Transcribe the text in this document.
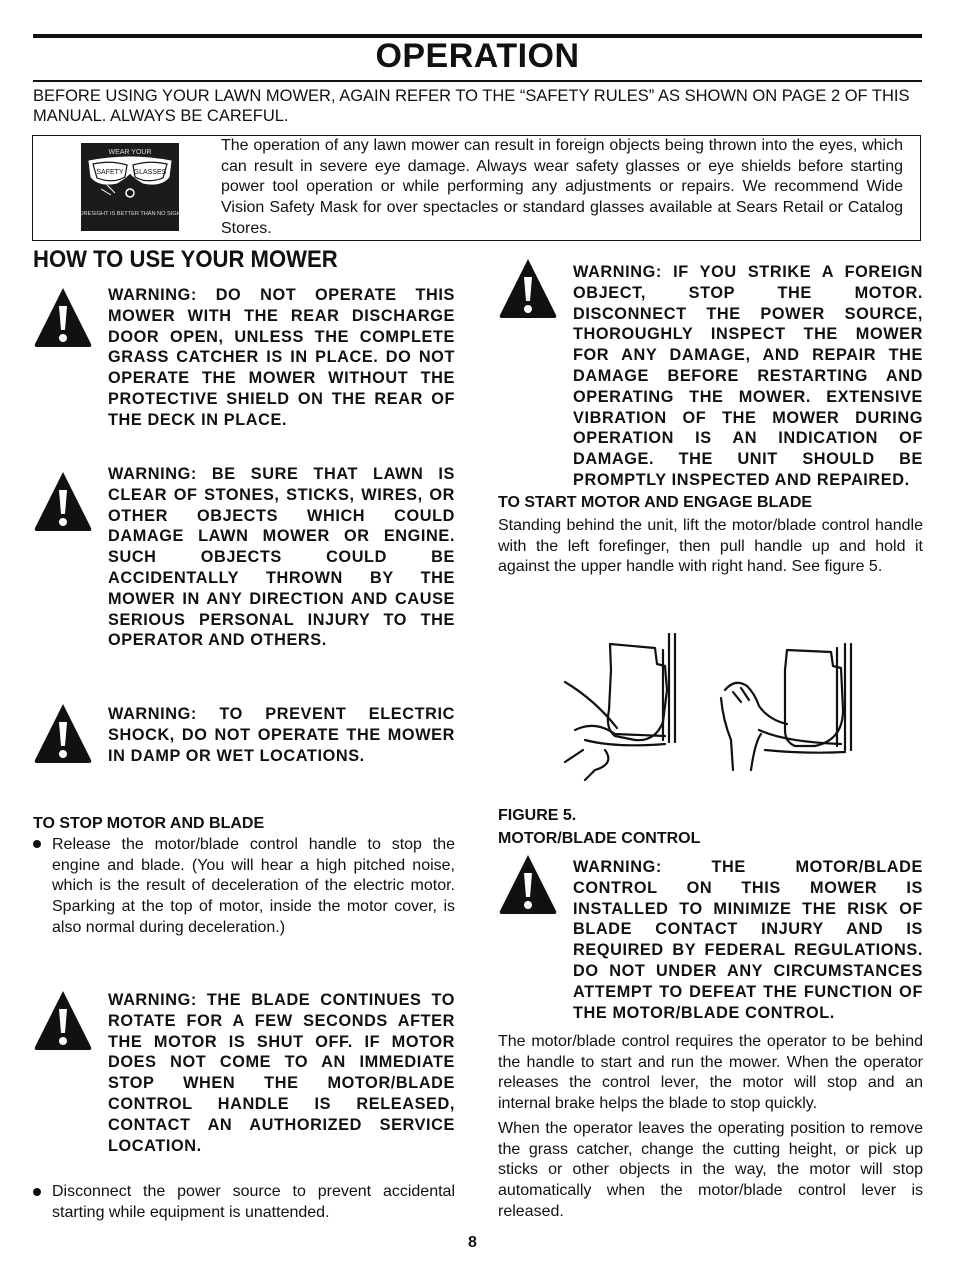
OPERATION
BEFORE USING YOUR LAWN MOWER, AGAIN REFER TO THE “SAFETY RULES” AS SHOWN ON PAGE 2 OF THIS MANUAL. ALWAYS BE CAREFUL.
WEAR YOUR
SAFETY GLASSES
FORESIGHT IS BETTER THAN NO SIGHT
The operation of any lawn mower can result in foreign objects being thrown into the eyes, which can result in severe eye damage. Always wear safety glasses or eye shields before starting power tool operation or while performing any adjustments or repairs. We recommend Wide Vision Safety Mask for over spectacles or standard glasses available at Sears Retail or Catalog Stores.
HOW TO USE YOUR MOWER
WARNING: DO NOT OPERATE THIS MOWER WITH THE REAR DISCHARGE DOOR OPEN, UNLESS THE COMPLETE GRASS CATCHER IS IN PLACE. DO NOT OPERATE THE MOWER WITHOUT THE PROTECTIVE SHIELD ON THE REAR OF THE DECK IN PLACE.
WARNING: BE SURE THAT LAWN IS CLEAR OF STONES, STICKS, WIRES, OR OTHER OBJECTS WHICH COULD DAMAGE LAWN MOWER OR ENGINE. SUCH OBJECTS COULD BE ACCIDENTALLY THROWN BY THE MOWER IN ANY DIRECTION AND CAUSE SERIOUS PERSONAL INJURY TO THE OPERATOR AND OTHERS.
WARNING: TO PREVENT ELECTRIC SHOCK, DO NOT OPERATE THE MOWER IN DAMP OR WET LOCATIONS.
TO STOP MOTOR AND BLADE
Release the motor/blade control handle to stop the engine and blade. (You will hear a high pitched noise, which is the result of deceleration of the electric motor. Sparking at the top of motor, inside the motor cover, is also normal during deceleration.)
WARNING: THE BLADE CONTINUES TO ROTATE FOR A FEW SECONDS AFTER THE MOTOR IS SHUT OFF. IF MOTOR DOES NOT COME TO AN IMMEDIATE STOP WHEN THE MOTOR/BLADE CONTROL HANDLE IS RELEASED, CONTACT AN AUTHORIZED SERVICE LOCATION.
Disconnect the power source to prevent accidental starting while equipment is unattended.
WARNING: IF YOU STRIKE A FOREIGN OBJECT, STOP THE MOTOR. DISCONNECT THE POWER SOURCE, THOROUGHLY INSPECT THE MOWER FOR ANY DAMAGE, AND REPAIR THE DAMAGE BEFORE RESTARTING AND OPERATING THE MOWER. EXTENSIVE VIBRATION OF THE MOWER DURING OPERATION IS AN INDICATION OF DAMAGE. THE UNIT SHOULD BE PROMPTLY INSPECTED AND REPAIRED.
TO START MOTOR AND ENGAGE BLADE
Standing behind the unit, lift the motor/blade control handle with the left forefinger, then pull handle up and hold it against the upper handle with right hand. See figure 5.
FIGURE 5.
MOTOR/BLADE CONTROL
WARNING: THE MOTOR/BLADE CONTROL ON THIS MOWER IS INSTALLED TO MINIMIZE THE RISK OF BLADE CONTACT INJURY AND IS REQUIRED BY FEDERAL REGULATIONS. DO NOT UNDER ANY CIRCUMSTANCES ATTEMPT TO DEFEAT THE FUNCTION OF THE MOTOR/BLADE CONTROL.
The motor/blade control requires the operator to be behind the handle to start and run the mower. When the operator releases the control lever, the motor will stop and an internal brake helps the blade to stop quickly.
When the operator leaves the operating position to remove the grass catcher, change the cutting height, or pick up sticks or other objects in the way, the motor will stop automatically when the motor/blade control lever is released.
8
